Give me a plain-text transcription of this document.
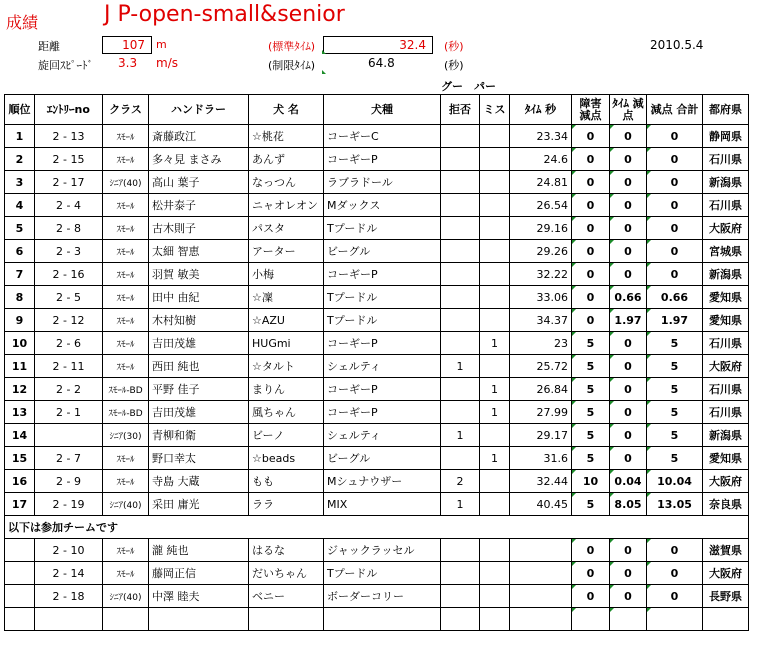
成績	J P-open-small&senior
距離	107	m
旋回ｽﾋﾟｰﾄﾞ 3.3 m/s
(標準ﾀｲﾑ)	32.4	(秒)
(制限ﾀｲﾑ)	64.8	(秒)
2010.5.4
グー　パー
順位	ｴﾝﾄﾘｰno	クラス	ハンドラー	犬 名	犬種	拒否	ミス	ﾀｲﾑ 秒	障害 減点	ﾀｲﾑ 減点	減点 合計	都府県
1	2 - 13	ｽﾓｰﾙ	斎藤政江	☆桃花	コーギーC			23.34	0	0	0	静岡県
2	2 - 15	ｽﾓｰﾙ	多々見 まさみ	あんず	コーギーP			24.6	0	0	0	石川県
3	2 - 17	ｼﾆｱ(40)	高山 葉子	なっつん	ラブラドール			24.81	0	0	0	新潟県
4	2 - 4	ｽﾓｰﾙ	松井泰子	ニャオレオン	Mダックス			26.54	0	0	0	石川県
5	2 - 8	ｽﾓｰﾙ	古木則子	パスタ	Tプードル			29.16	0	0	0	大阪府
6	2 - 3	ｽﾓｰﾙ	太細 智恵	アーター	ビーグル			29.26	0	0	0	宮城県
7	2 - 16	ｽﾓｰﾙ	羽賀 敏美	小梅	コーギーP			32.22	0	0	0	新潟県
8	2 - 5	ｽﾓｰﾙ	田中 由紀	☆凜	Tプードル			33.06	0	0.66	0.66	愛知県
9	2 - 12	ｽﾓｰﾙ	木村知樹	☆AZU	Tプードル			34.37	0	1.97	1.97	愛知県
10	2 - 6	ｽﾓｰﾙ	吉田茂雄	HUGmi	コーギーP		1	23	5	0	5	石川県
11	2 - 11	ｽﾓｰﾙ	西田 純也	☆タルト	シェルティ	1		25.72	5	0	5	大阪府
12	2 - 2	ｽﾓｰﾙ-BD	平野 佳子	まりん	コーギーP		1	26.84	5	0	5	石川県
13	2 - 1	ｽﾓｰﾙ-BD	吉田茂雄	風ちゃん	コーギーP		1	27.99	5	0	5	石川県
14		ｼﾆｱ(30)	青柳和衛	ビーノ	シェルティ	1		29.17	5	0	5	新潟県
15	2 - 7	ｽﾓｰﾙ	野口幸太	☆beads	ビーグル		1	31.6	5	0	5	愛知県
16	2 - 9	ｽﾓｰﾙ	寺島 大蔵	もも	Mシュナウザー	2		32.44	10	0.04	10.04	大阪府
17	2 - 19	ｼﾆｱ(40)	采田 庸光	ララ	MIX	1		40.45	5	8.05	13.05	奈良県
以下は参加チームです												
	2 - 10	ｽﾓｰﾙ	瀧 純也	はるな	ジャックラッセル				0	0	0	滋賀県
	2 - 14	ｽﾓｰﾙ	藤岡正信	だいちゃん	Tプードル				0	0	0	大阪府
	2 - 18	ｼﾆｱ(40)	中澤 睦夫	ベニー	ボーダーコリー				0	0	0	長野県
